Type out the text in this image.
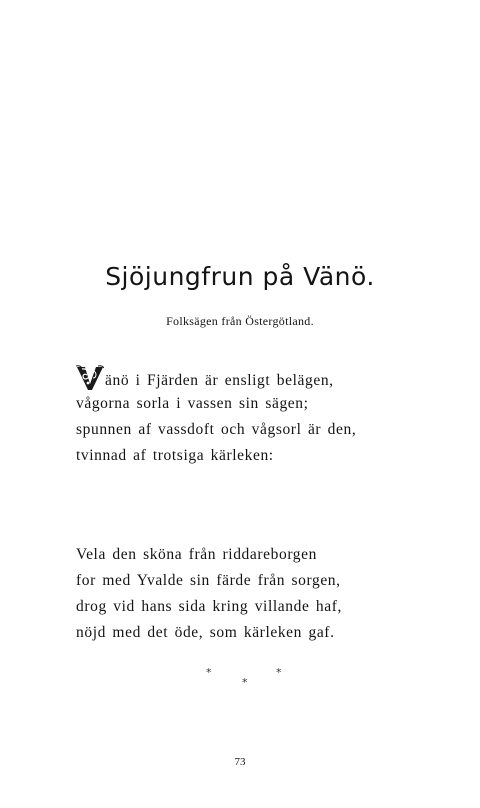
Sjöjungfrun på Vänö.
Folksägen från Östergötland.
änö i Fjärden är ensligt belägen,
vågorna sorla i vassen sin sägen;
spunnen af vassdoft och vågsorl är den,
tvinnad af trotsiga kärleken:
Vela den sköna från riddareborgen
for med Yvalde sin färde från sorgen,
drog vid hans sida kring villande haf,
nöjd med det öde, som kärleken gaf.
*	*
*
73
